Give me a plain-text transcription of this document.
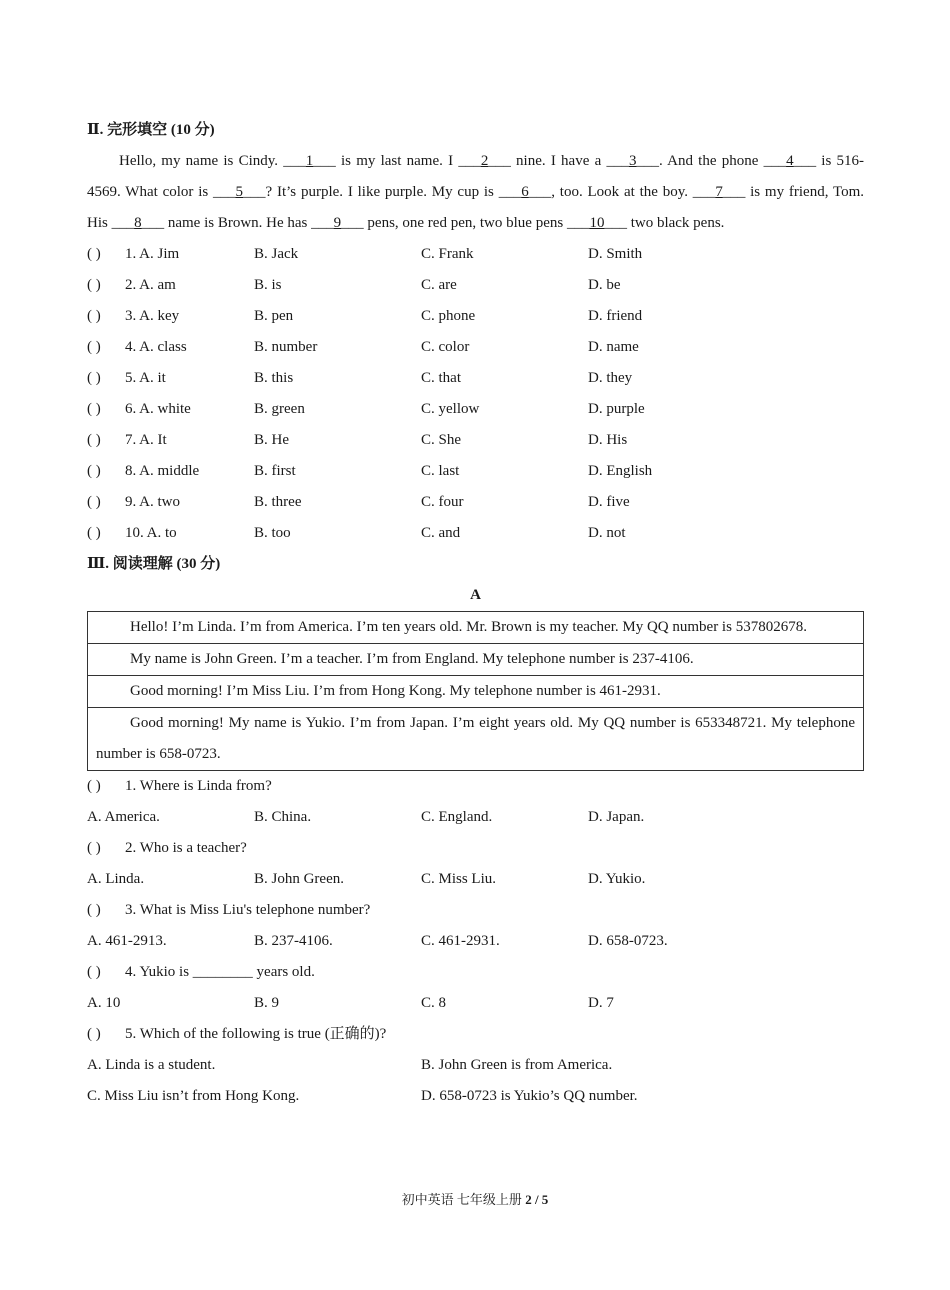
Ⅱ. 完形填空 (10 分)
Hello, my name is Cindy. ___1___ is my last name. I ___2___ nine. I have a ___3___. And the phone ___4___ is 516-4569. What color is ___5___? It’s purple. I like purple. My cup is ___6___, too. Look at the boy. ___7___ is my friend, Tom. His ___8___ name is Brown. He has ___9___ pens, one red pen, two blue pens ___10___ two black pens.
( ) 1. A. Jim	B. Jack	C. Frank	D. Smith
( ) 2. A. am	B. is	C. are	D. be
( ) 3. A. key	B. pen	C. phone	D. friend
( ) 4. A. class	B. number	C. color	D. name
( ) 5. A. it	B. this	C. that	D. they
( ) 6. A. white	B. green	C. yellow	D. purple
( ) 7. A. It	B. He	C. She	D. His
( ) 8. A. middle	B. first	C. last	D. English
( ) 9. A. two	B. three	C. four	D. five
( ) 10. A. to	B. too	C. and	D. not
Ⅲ. 阅读理解 (30 分)
A
Hello! I’m Linda. I’m from America. I’m ten years old. Mr. Brown is my teacher. My QQ number is 537802678.
My name is John Green. I’m a teacher. I’m from England. My telephone number is 237-4106.
Good morning! I’m Miss Liu. I’m from Hong Kong. My telephone number is 461-2931.
Good morning! My name is Yukio. I’m from Japan. I’m eight years old. My QQ number is 653348721. My telephone number is 658-0723.
( ) 1. Where is Linda from?
A. America.	B. China.	C. England.	D. Japan.
( ) 2. Who is a teacher?
A. Linda.	B. John Green.	C. Miss Liu.	D. Yukio.
( ) 3. What is Miss Liu's telephone number?
A. 461-2913.	B. 237-4106.	C. 461-2931.	D. 658-0723.
( ) 4. Yukio is ________ years old.
A. 10	B. 9	C. 8	D. 7
( ) 5. Which of the following is true (正确的)?
A. Linda is a student.	B. John Green is from America.
C. Miss Liu isn’t from Hong Kong.	D. 658-0723 is Yukio’s QQ number.
初中英语 七年级上册 2 / 5
